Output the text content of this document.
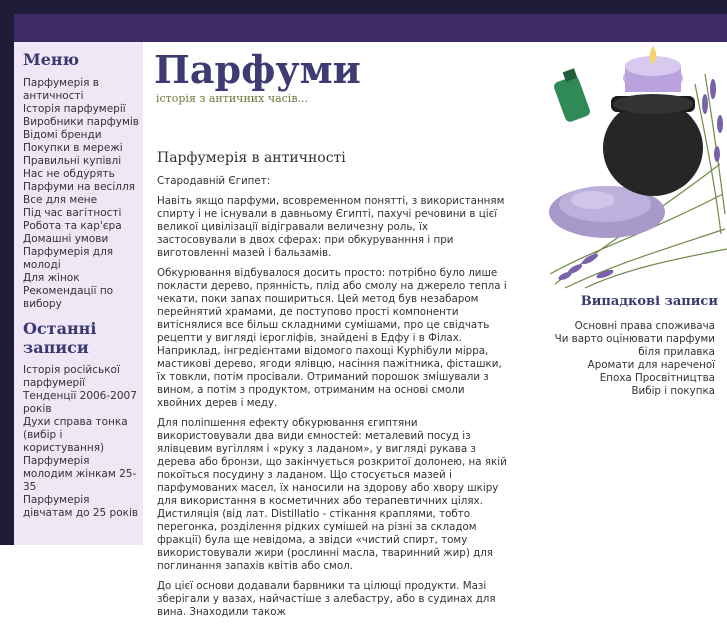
Меню
Парфумерія в античності
Історія парфумерії
Виробники парфумів
Відомі бренди
Покупки в мережі
Правильні купівлі
Нас не обдурять
Парфуми на весілля
Все для мене
Під час вагітності
Робота та кар'єра
Домашні умови
Парфумерія для молоді
Для жінок
Рекомендації по вибору
Останні записи
Історія російської парфумерії
Тенденції 2006-2007 років
Духи справа тонка (вибір і користування)
Парфумерія молодим жінкам 25-35
Парфумерія дівчатам до 25 років
Парфуми
історія з античних часів...
Парфумерія в античності

Стародавній Єгипет:

Навіть якщо парфуми, всовременном понятті, з використанням спирту і не існували в давньому Єгипті, пахучі речовини в цієї великої цивілізації відігравали величезну роль, їх застосовували в двох сферах: при обкуруванння і при виготовленні мазей і бальзамів.

Обкурювання відбувалося досить просто: потрібно було лише покласти дерево, прянність, плід або смолу на джерело тепла і чекати, поки запах пошириться. Цей метод був незабаром перейнятий храмами, де поступово прості компоненти витіснялися все більш складними сумішами, про це свідчать рецепти у вигляді ієрогліфів, знайдені в Едфу і в Філах. Наприклад, інгредієнтами відомого пахощі Курhібули мірра, мастиковi дерево, ягоди ялівцю, насіння пажітника, фісташки, їх товкли, потім просівали. Отриманий порошок змішували з вином, а потім з продуктом, отриманим на основі смоли хвойних дерев і меду.

Для поліпшення ефекту обкурювання єгиптяни використовували два види ємностей: металевий посуд із ялівцевим вугіллям і «руку з ладаном», у вигляді рукава з дерева або бронзи, що закінчується розкритої долонею, на якій покоїться посудину з ладаном. Що стосується мазей і парфумованих масел, їх наносили на здорову або хвору шкіру для використання в косметичних або терапевтичних цілях. Дистиляція (від лат. Distillatio - стікання краплями, тобто перегонка, розділення рідких сумішей на різні за складом фракції) була ще невідома, а звідси «чистий спирт, тому використовували жири (рослинні масла, тваринний жир) для поглинання запахів квітів або смол.

До цієї основи додавали барвники та цілющі продукти. Мазі зберігали у вазах, найчастіше з алебастру, або в судинах для вина. Знаходили також

Випадкові записи
Основні права споживача
Чи варто оцінювати парфуми біля прилавка
Аромати для нареченої
Епоха Просвітництва
Вибір і покупка
